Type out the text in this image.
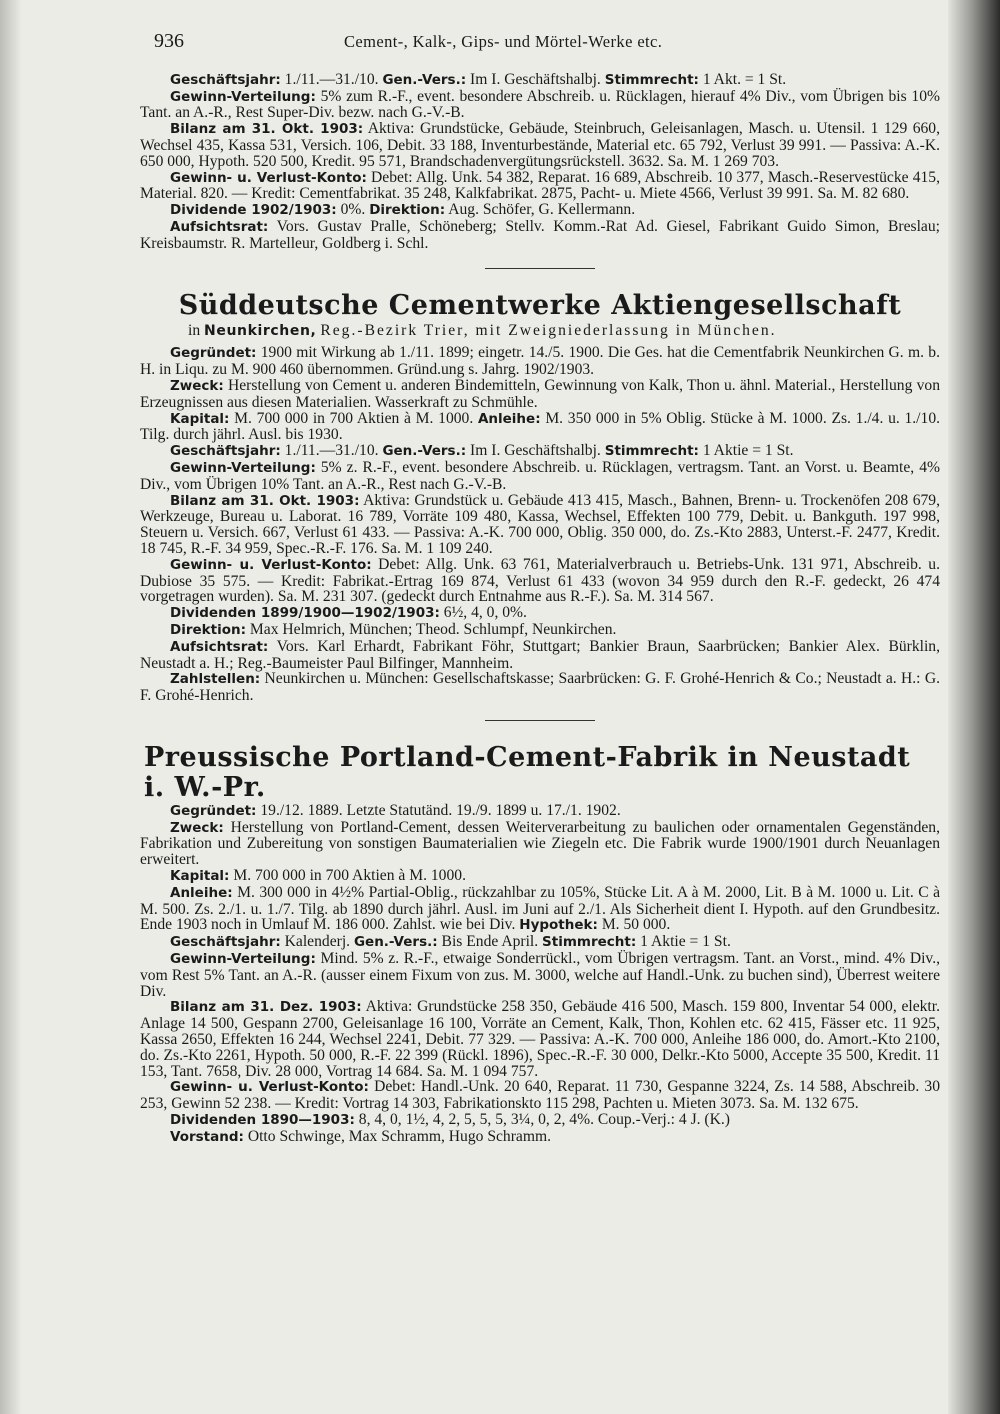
936	Cement-, Kalk-, Gips- und Mörtel-Werke etc.

Geschäftsjahr: 1./11.—31./10. Gen.-Vers.: Im I. Geschäftshalbj. Stimmrecht: 1 Akt. = 1 St.

Gewinn-Verteilung: 5% zum R.-F., event. besondere Abschreib. u. Rücklagen, hierauf 4% Div., vom Übrigen bis 10% Tant. an A.-R., Rest Super-Div. bezw. nach G.-V.-B.

Bilanz am 31. Okt. 1903: Aktiva: Grundstücke, Gebäude, Steinbruch, Geleisanlagen, Masch. u. Utensil. 1 129 660, Wechsel 435, Kassa 531, Versich. 106, Debit. 33 188, Inventurbestände, Material etc. 65 792, Verlust 39 991. — Passiva: A.-K. 650 000, Hypoth. 520 500, Kredit. 95 571, Brandschadenvergütungsrückstell. 3632. Sa. M. 1 269 703.

Gewinn- u. Verlust-Konto: Debet: Allg. Unk. 54 382, Reparat. 16 689, Abschreib. 10 377, Masch.-Reservestücke 415, Material. 820. — Kredit: Cementfabrikat. 35 248, Kalkfabrikat. 2875, Pacht- u. Miete 4566, Verlust 39 991. Sa. M. 82 680.

Dividende 1902/1903: 0%. Direktion: Aug. Schöfer, G. Kellermann.

Aufsichtsrat: Vors. Gustav Pralle, Schöneberg; Stellv. Komm.-Rat Ad. Giesel, Fabrikant Guido Simon, Breslau; Kreisbaumstr. R. Martelleur, Goldberg i. Schl.

Süddeutsche Cementwerke Aktiengesellschaft
in Neunkirchen, Reg.-Bezirk Trier, mit Zweigniederlassung in München.

Gegründet: 1900 mit Wirkung ab 1./11. 1899; eingetr. 14./5. 1900. Die Ges. hat die Cementfabrik Neunkirchen G. m. b. H. in Liqu. zu M. 900 460 übernommen. Gründ.ung s. Jahrg. 1902/1903.

Zweck: Herstellung von Cement u. anderen Bindemitteln, Gewinnung von Kalk, Thon u. ähnl. Material., Herstellung von Erzeugnissen aus diesen Materialien. Wasserkraft zu Schmühle.

Kapital: M. 700 000 in 700 Aktien à M. 1000. Anleihe: M. 350 000 in 5% Oblig. Stücke à M. 1000. Zs. 1./4. u. 1./10. Tilg. durch jährl. Ausl. bis 1930.

Geschäftsjahr: 1./11.—31./10. Gen.-Vers.: Im I. Geschäftshalbj. Stimmrecht: 1 Aktie = 1 St.

Gewinn-Verteilung: 5% z. R.-F., event. besondere Abschreib. u. Rücklagen, vertragsm. Tant. an Vorst. u. Beamte, 4% Div., vom Übrigen 10% Tant. an A.-R., Rest nach G.-V.-B.

Bilanz am 31. Okt. 1903: Aktiva: Grundstück u. Gebäude 413 415, Masch., Bahnen, Brenn- u. Trockenöfen 208 679, Werkzeuge, Bureau u. Laborat. 16 789, Vorräte 109 480, Kassa, Wechsel, Effekten 100 779, Debit. u. Bankguth. 197 998, Steuern u. Versich. 667, Verlust 61 433. — Passiva: A.-K. 700 000, Oblig. 350 000, do. Zs.-Kto 2883, Unterst.-F. 2477, Kredit. 18 745, R.-F. 34 959, Spec.-R.-F. 176. Sa. M. 1 109 240.

Gewinn- u. Verlust-Konto: Debet: Allg. Unk. 63 761, Materialverbrauch u. Betriebs-Unk. 131 971, Abschreib. u. Dubiose 35 575. — Kredit: Fabrikat.-Ertrag 169 874, Verlust 61 433 (wovon 34 959 durch den R.-F. gedeckt, 26 474 vorgetragen wurden). Sa. M. 231 307. (gedeckt durch Entnahme aus R.-F.). Sa. M. 314 567.

Dividenden 1899/1900—1902/1903: 6½, 4, 0, 0%.

Direktion: Max Helmrich, München; Theod. Schlumpf, Neunkirchen.

Aufsichtsrat: Vors. Karl Erhardt, Fabrikant Föhr, Stuttgart; Bankier Braun, Saarbrücken; Bankier Alex. Bürklin, Neustadt a. H.; Reg.-Baumeister Paul Bilfinger, Mannheim.

Zahlstellen: Neunkirchen u. München: Gesellschaftskasse; Saarbrücken: G. F. Grohé-Henrich & Co.; Neustadt a. H.: G. F. Grohé-Henrich.

Preussische Portland-Cement-Fabrik in Neustadt i. W.-Pr.

Gegründet: 19./12. 1889. Letzte Statutänd. 19./9. 1899 u. 17./1. 1902.

Zweck: Herstellung von Portland-Cement, dessen Weiterverarbeitung zu baulichen oder ornamentalen Gegenständen, Fabrikation und Zubereitung von sonstigen Baumaterialien wie Ziegeln etc. Die Fabrik wurde 1900/1901 durch Neuanlagen erweitert.

Kapital: M. 700 000 in 700 Aktien à M. 1000.

Anleihe: M. 300 000 in 4½% Partial-Oblig., rückzahlbar zu 105%, Stücke Lit. A à M. 2000, Lit. B à M. 1000 u. Lit. C à M. 500. Zs. 2./1. u. 1./7. Tilg. ab 1890 durch jährl. Ausl. im Juni auf 2./1. Als Sicherheit dient I. Hypoth. auf den Grundbesitz. Ende 1903 noch in Umlauf M. 186 000. Zahlst. wie bei Div. Hypothek: M. 50 000.

Geschäftsjahr: Kalenderj. Gen.-Vers.: Bis Ende April. Stimmrecht: 1 Aktie = 1 St.

Gewinn-Verteilung: Mind. 5% z. R.-F., etwaige Sonderrückl., vom Übrigen vertragsm. Tant. an Vorst., mind. 4% Div., vom Rest 5% Tant. an A.-R. (ausser einem Fixum von zus. M. 3000, welche auf Handl.-Unk. zu buchen sind), Überrest weitere Div.

Bilanz am 31. Dez. 1903: Aktiva: Grundstücke 258 350, Gebäude 416 500, Masch. 159 800, Inventar 54 000, elektr. Anlage 14 500, Gespann 2700, Geleisanlage 16 100, Vorräte an Cement, Kalk, Thon, Kohlen etc. 62 415, Fässer etc. 11 925, Kassa 2650, Effekten 16 244, Wechsel 2241, Debit. 77 329. — Passiva: A.-K. 700 000, Anleihe 186 000, do. Amort.-Kto 2100, do. Zs.-Kto 2261, Hypoth. 50 000, R.-F. 22 399 (Rückl. 1896), Spec.-R.-F. 30 000, Delkr.-Kto 5000, Accepte 35 500, Kredit. 11 153, Tant. 7658, Div. 28 000, Vortrag 14 684. Sa. M. 1 094 757.

Gewinn- u. Verlust-Konto: Debet: Handl.-Unk. 20 640, Reparat. 11 730, Gespanne 3224, Zs. 14 588, Abschreib. 30 253, Gewinn 52 238. — Kredit: Vortrag 14 303, Fabrikationskto 115 298, Pachten u. Mieten 3073. Sa. M. 132 675.

Dividenden 1890—1903: 8, 4, 0, 1½, 4, 2, 5, 5, 5, 3¼, 0, 2, 4%. Coup.-Verj.: 4 J. (K.)

Vorstand: Otto Schwinge, Max Schramm, Hugo Schramm.
